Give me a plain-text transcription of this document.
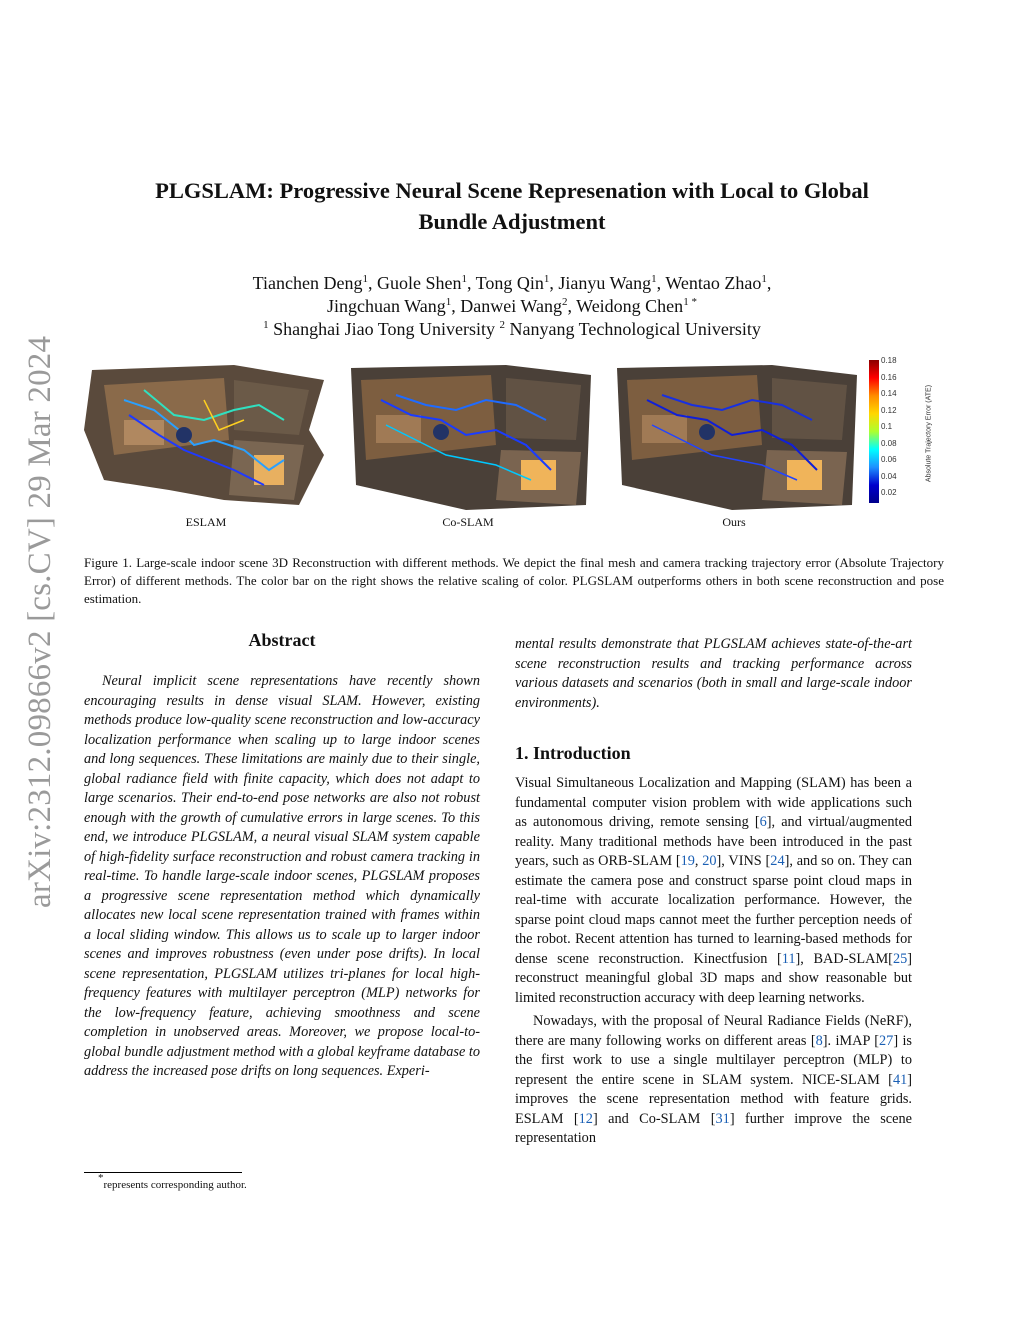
arXiv:2312.09866v2 [cs.CV] 29 Mar 2024
PLGSLAM: Progressive Neural Scene Represenation with Local to Global
Bundle Adjustment
Tianchen Deng$^1$, Guole Shen$^1$, Tong Qin$^1$, Jianyu Wang$^1$, Wentao Zhao$^1$,
Jingchuan Wang$^1$, Danwei Wang$^2$, Weidong Chen$^{1 *}$
$^1$ Shanghai Jiao Tong University $^2$ Nanyang Technological University
ESLAM	Co-SLAM	Ours
0.18
0.16
0.14
0.12
0.1
0.08
0.06
0.04
0.02
Absolute Trajectory Error (ATE)
Figure 1. Large-scale indoor scene 3D Reconstruction with different methods. We depict the final mesh and camera tracking trajectory error (Absolute Trajectory Error) of different methods. The color bar on the right shows the relative scaling of color. PLGSLAM outperforms others in both scene reconstruction and pose estimation.
Abstract

Neural implicit scene representations have recently shown encouraging results in dense visual SLAM. However, existing methods produce low-quality scene reconstruction and low-accuracy localization performance when scaling up to large indoor scenes and long sequences. These limitations are mainly due to their single, global radiance field with finite capacity, which does not adapt to large scenarios. Their end-to-end pose networks are also not robust enough with the growth of cumulative errors in large scenes. To this end, we introduce PLGSLAM, a neural visual SLAM system capable of high-fidelity surface reconstruction and robust camera tracking in real-time. To handle large-scale indoor scenes, PLGSLAM proposes a progressive scene representation method which dynamically allocates new local scene representation trained with frames within a local sliding window. This allows us to scale up to larger indoor scenes and improves robustness (even under pose drifts). In local scene representation, PLGSLAM utilizes tri-planes for local high-frequency features with multilayer perceptron (MLP) networks for the low-frequency feature, achieving smoothness and scene completion in unobserved areas. Moreover, we propose local-to-global bundle adjustment method with a global keyframe database to address the increased pose drifts on long sequences. Experi-

mental results demonstrate that PLGSLAM achieves state-of-the-art scene reconstruction results and tracking performance across various datasets and scenarios (both in small and large-scale indoor environments).

1. Introduction

Visual Simultaneous Localization and Mapping (SLAM) has been a fundamental computer vision problem with wide applications such as autonomous driving, remote sensing [6], and virtual/augmented reality. Many traditional methods have been introduced in the past years, such as ORB-SLAM [19, 20], VINS [24], and so on. They can estimate the camera pose and construct sparse point cloud maps in real-time with accurate localization performance. However, the sparse point cloud maps cannot meet the further perception needs of the robot. Recent attention has turned to learning-based methods for dense scene reconstruction. Kinectfusion [11], BAD-SLAM[25] reconstruct meaningful global 3D maps and show reasonable but limited reconstruction accuracy with deep learning networks.

Nowadays, with the proposal of Neural Radiance Fields (NeRF), there are many following works on different areas [8]. iMAP [27] is the first work to use a single multilayer perceptron (MLP) to represent the entire scene in SLAM system. NICE-SLAM [41] improves the scene representation method with feature grids. ESLAM [12] and Co-SLAM [31] further improve the scene representation

*represents corresponding author.
